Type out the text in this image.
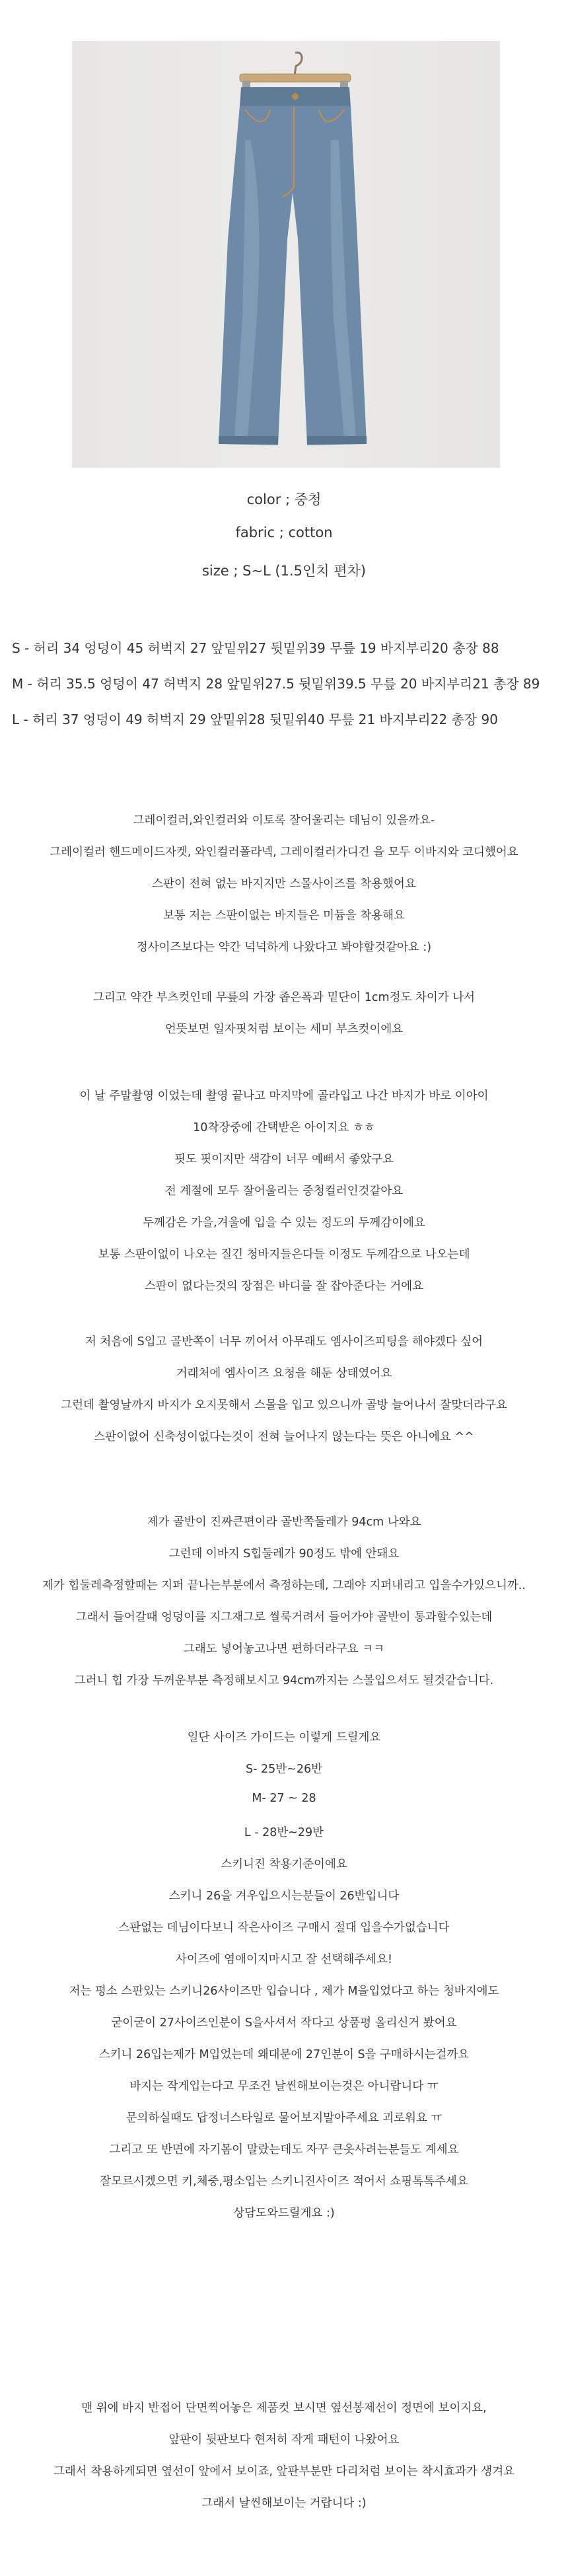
color ; 중청
fabric ; cotton
size ; S~L (1.5인치 편차)
S - 허리 34 엉덩이 45 허벅지 27 앞밑위27 뒷밑위39 무릎 19 바지부리20 총장 88
M - 허리 35.5 엉덩이 47 허벅지 28 앞밑위27.5 뒷밑위39.5 무릎 20 바지부리21 총장 89
L - 허리 37 엉덩이 49 허벅지 29 앞밑위28 뒷밑위40 무릎 21 바지부리22 총장 90
그레이컬러,와인컬러와 이토록 잘어울리는 데님이 있을까요-
그레이컬러 핸드메이드자켓, 와인컬러폴라넥, 그레이컬러가디건 을 모두 이바지와 코디했어요
스판이 전혀 없는 바지지만 스몰사이즈를 착용했어요
보통 저는 스판이없는 바지들은 미듐을 착용해요
정사이즈보다는 약간 넉넉하게 나왔다고 봐야할것같아요 :)
그리고 약간 부츠컷인데 무릎의 가장 좁은폭과 밑단이 1cm정도 차이가 나서
언뜻보면 일자핏처럼 보이는 세미 부츠컷이에요
이 날 주말촬영 이었는데 촬영 끝나고 마지막에 골라입고 나간 바지가 바로 이아이
10착장중에 간택받은 아이지요 ㅎㅎ
핏도 핏이지만 색감이 너무 예뻐서 좋았구요
전 계절에 모두 잘어울리는 중청컬러인것같아요
두께감은 가을,겨울에 입을 수 있는 정도의 두께감이에요
보통 스판이없이 나오는 질긴 청바지들은다들 이정도 두께감으로 나오는데
스판이 없다는것의 장점은 바디를 잘 잡아준다는 거에요
저 처음에 S입고 골반쪽이 너무 끼어서 아무래도 엠사이즈피팅을 해야겠다 싶어
거래처에 엠사이즈 요청을 해둔 상태였어요
그런데 촬영날까지 바지가 오지못해서 스몰을 입고 있으니까 골방 늘어나서 잘맞더라구요
스판이없어 신축성이없다는것이 전혀 늘어나지 않는다는 뜻은 아니에요 ^^
제가 골반이 진짜큰편이라 골반쪽둘레가 94cm 나와요
그런데 이바지 S힙둘레가 90정도 밖에 안돼요
제가 힙둘레측정할때는 지퍼 끝나는부분에서 측정하는데, 그래야 지퍼내리고 입을수가있으니까..
그래서 들어갈때 엉덩이를 지그재그로 씰룩거려서 들어가야 골반이 통과할수있는데
그래도 넣어놓고나면 편하더라구요 ㅋㅋ
그러니 힙 가장 두꺼운부분 측정해보시고 94cm까지는 스몰입으셔도 될것같습니다.
일단 사이즈 가이드는 이렇게 드릴게요
S- 25반~26반
M- 27 ~ 28
L - 28반~29반
스키니진 착용기준이에요
스키니 26을 겨우입으시는분들이 26반입니다
스판없는 데님이다보니 작은사이즈 구매시 절대 입을수가없습니다
사이즈에 염애이지마시고 잘 선택해주세요!
저는 평소 스판있는 스키니26사이즈만 입습니다 , 제가 M을입었다고 하는 청바지에도
굳이굳이 27사이즈인분이 S을사셔서 작다고 상품평 올리신거 봤어요
스키니 26입는제가 M입었는데 왜대문에 27인분이 S을 구매하시는걸까요
바지는 작게입는다고 무조건 날씬해보이는것은 아니랍니다 ㅠ
문의하실때도 답정너스타일로 물어보지말아주세요 괴로워요 ㅠ
그리고 또 반면에 자기몸이 말랐는데도 자꾸 큰옷사려는분들도 계세요
잘모르시겠으면 키,체중,평소입는 스키니진사이즈 적어서 쇼핑톡톡주세요
상담도와드릴게요 :)
맨 위에 바지 반접어 단면찍어놓은 제품컷 보시면 옆선봉제선이 정면에 보이지요,
앞판이 뒷판보다 현저히 작게 패턴이 나왔어요
그래서 착용하게되면 옆선이 앞에서 보이죠, 앞판부분만 다리처럼 보이는 착시효과가 생겨요
그래서 날씬해보이는 거랍니다 :)
